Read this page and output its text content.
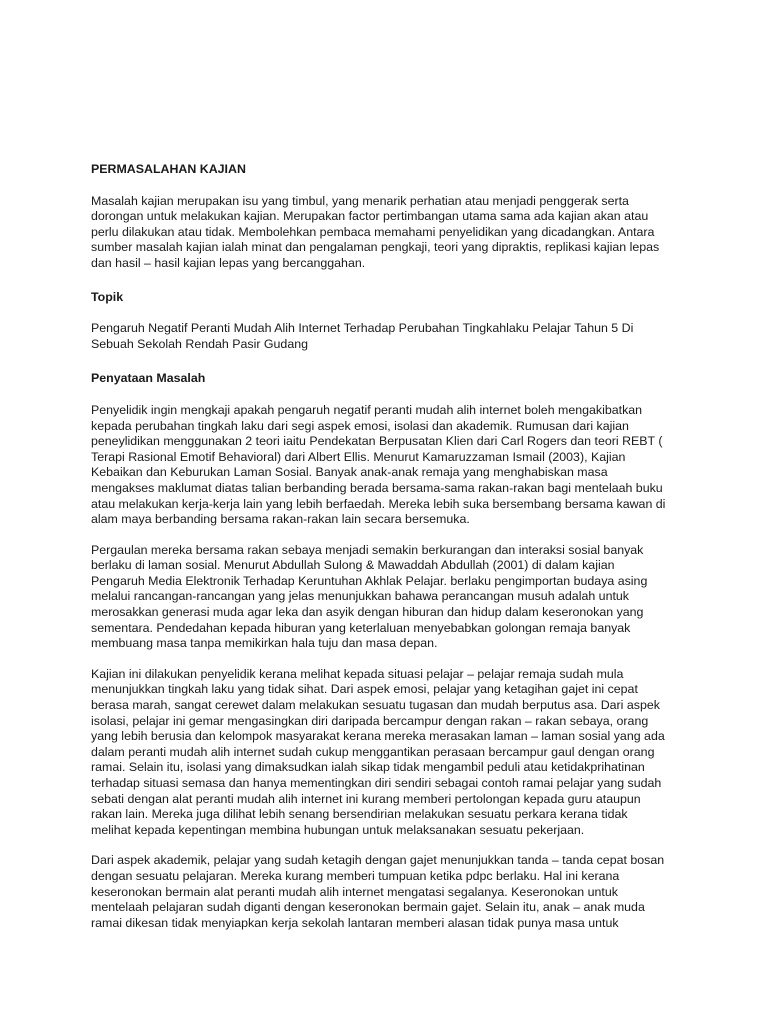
PERMASALAHAN KAJIAN

Masalah kajian merupakan isu yang timbul, yang menarik perhatian atau menjadi penggerak serta
dorongan untuk melakukan kajian. Merupakan factor pertimbangan utama sama ada kajian akan atau
perlu dilakukan atau tidak. Membolehkan pembaca memahami penyelidikan yang dicadangkan. Antara
sumber masalah kajian ialah minat dan pengalaman pengkaji, teori yang dipraktis, replikasi kajian lepas
dan hasil – hasil kajian lepas yang bercanggahan.

Topik

Pengaruh Negatif Peranti Mudah Alih Internet Terhadap Perubahan Tingkahlaku Pelajar Tahun 5 Di
Sebuah Sekolah Rendah Pasir Gudang

Penyataan Masalah

Penyelidik ingin mengkaji apakah pengaruh negatif peranti mudah alih internet boleh mengakibatkan
kepada perubahan tingkah laku dari segi aspek emosi, isolasi dan akademik. Rumusan dari kajian
peneylidikan menggunakan 2 teori iaitu Pendekatan Berpusatan Klien dari Carl Rogers dan teori REBT (
Terapi Rasional Emotif Behavioral) dari Albert Ellis. Menurut Kamaruzzaman Ismail (2003), Kajian
Kebaikan dan Keburukan Laman Sosial. Banyak anak-anak remaja yang menghabiskan masa
mengakses maklumat diatas talian berbanding berada bersama-sama rakan-rakan bagi mentelaah buku
atau melakukan kerja-kerja lain yang lebih berfaedah. Mereka lebih suka bersembang bersama kawan di
alam maya berbanding bersama rakan-rakan lain secara bersemuka.

Pergaulan mereka bersama rakan sebaya menjadi semakin berkurangan dan interaksi sosial banyak
berlaku di laman sosial. Menurut Abdullah Sulong & Mawaddah Abdullah (2001) di dalam kajian
Pengaruh Media Elektronik Terhadap Keruntuhan Akhlak Pelajar. berlaku pengimportan budaya asing
melalui rancangan-rancangan yang jelas menunjukkan bahawa perancangan musuh adalah untuk
merosakkan generasi muda agar leka dan asyik dengan hiburan dan hidup dalam keseronokan yang
sementara. Pendedahan kepada hiburan yang keterlaluan menyebabkan golongan remaja banyak
membuang masa tanpa memikirkan hala tuju dan masa depan.

Kajian ini dilakukan penyelidik kerana melihat kepada situasi pelajar – pelajar remaja sudah mula
menunjukkan tingkah laku yang tidak sihat. Dari aspek emosi, pelajar yang ketagihan gajet ini cepat
berasa marah, sangat cerewet dalam melakukan sesuatu tugasan dan mudah berputus asa. Dari aspek
isolasi, pelajar ini gemar mengasingkan diri daripada bercampur dengan rakan – rakan sebaya, orang
yang lebih berusia dan kelompok masyarakat kerana mereka merasakan laman – laman sosial yang ada
dalam peranti mudah alih internet sudah cukup menggantikan perasaan bercampur gaul dengan orang
ramai. Selain itu, isolasi yang dimaksudkan ialah sikap tidak mengambil peduli atau ketidakprihatinan
terhadap situasi semasa dan hanya mementingkan diri sendiri sebagai contoh ramai pelajar yang sudah
sebati dengan alat peranti mudah alih internet ini kurang memberi pertolongan kepada guru ataupun
rakan lain. Mereka juga dilihat lebih senang bersendirian melakukan sesuatu perkara kerana tidak
melihat kepada kepentingan membina hubungan untuk melaksanakan sesuatu pekerjaan.

Dari aspek akademik, pelajar yang sudah ketagih dengan gajet menunjukkan tanda – tanda cepat bosan
dengan sesuatu pelajaran. Mereka kurang memberi tumpuan ketika pdpc berlaku. Hal ini kerana
keseronokan bermain alat peranti mudah alih internet mengatasi segalanya. Keseronokan untuk
mentelaah pelajaran sudah diganti dengan keseronokan bermain gajet. Selain itu, anak – anak muda
ramai dikesan tidak menyiapkan kerja sekolah lantaran memberi alasan tidak punya masa untuk
